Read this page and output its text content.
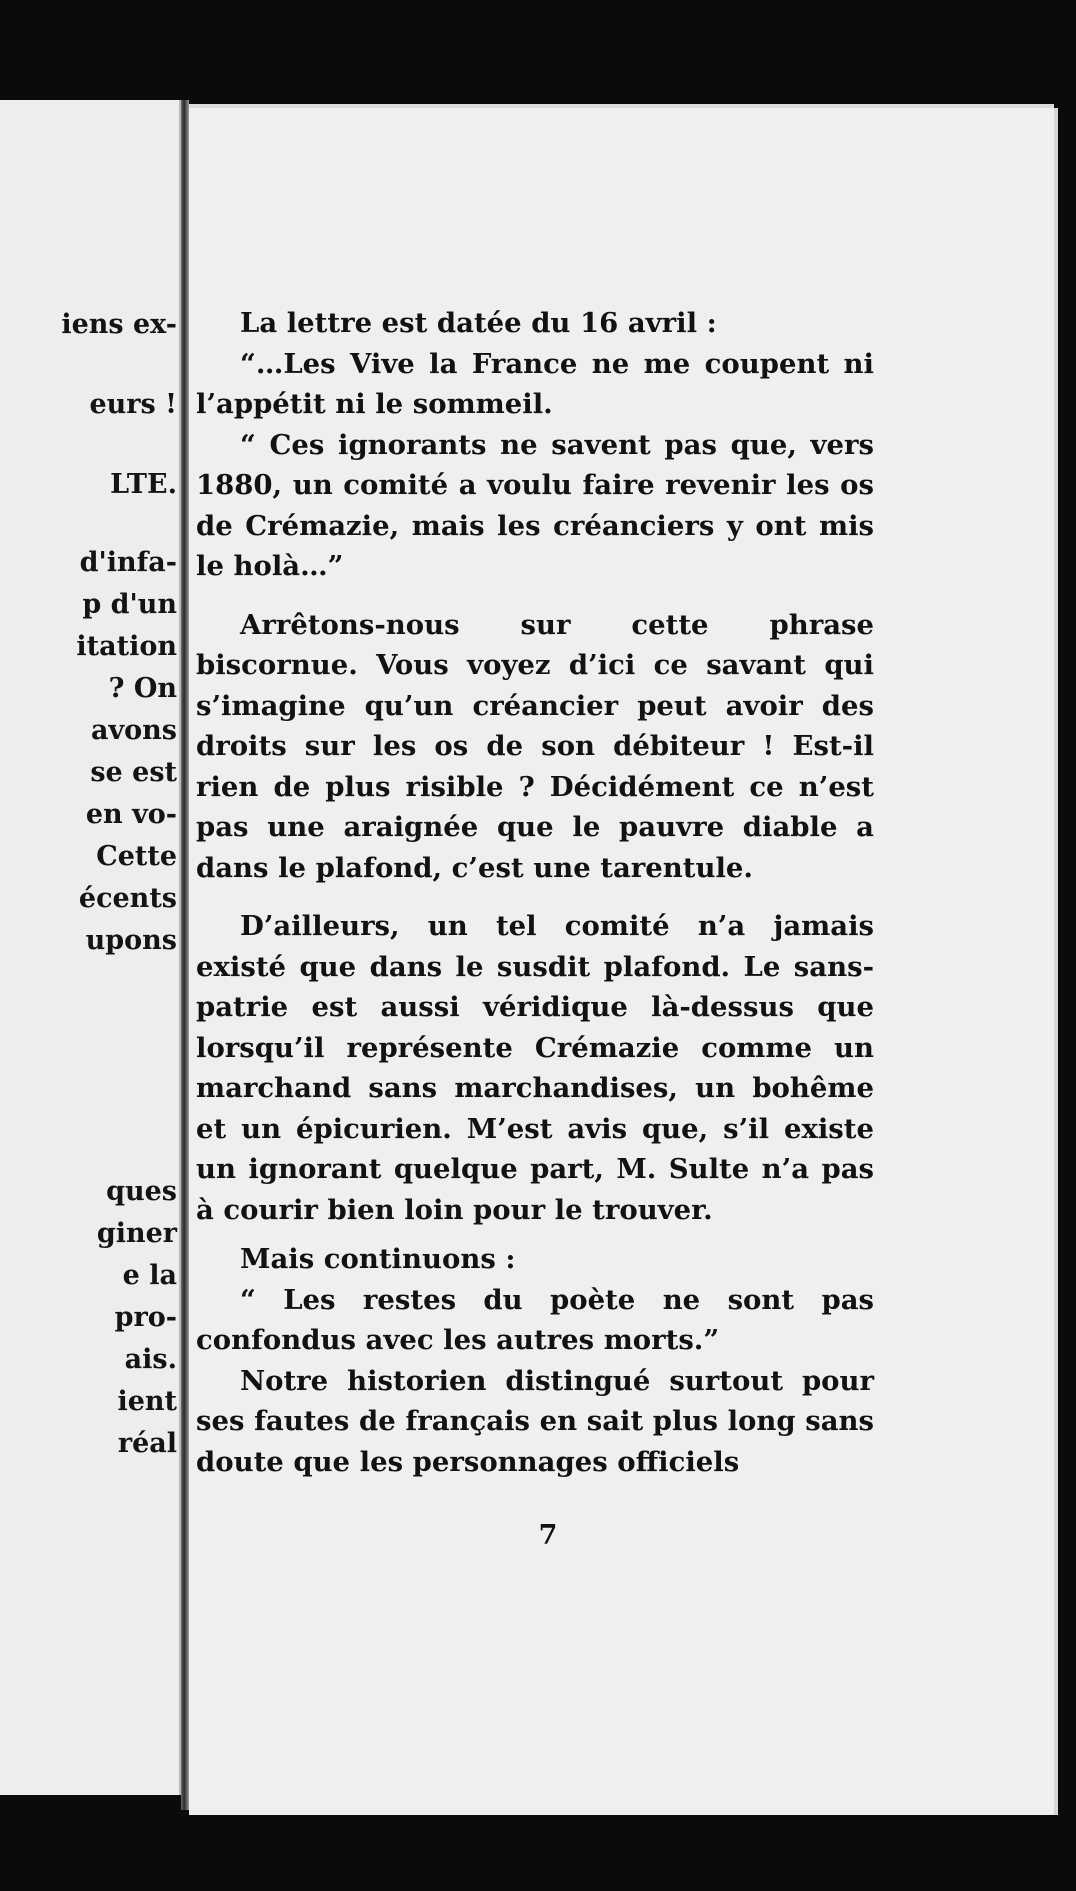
iens ex-
eurs !
LTE.
d'infa-
p d'un
itation
? On
avons
se est
en vo-
Cette
écents
upons
ques
giner
e la
pro-
ais.
ient
réal

La lettre est datée du 16 avril :

“…Les Vive la France ne me coupent ni l’appétit ni le sommeil.

“ Ces ignorants ne savent pas que, vers 1880, un comité a voulu faire revenir les os de Crémazie, mais les créanciers y ont mis le holà…”

Arrêtons-nous sur cette phrase biscornue. Vous voyez d’ici ce savant qui s’imagine qu’un créancier peut avoir des droits sur les os de son débiteur ! Est-il rien de plus risible ? Décidément ce n’est pas une araignée que le pauvre diable a dans le plafond, c’est une tarentule.

D’ailleurs, un tel comité n’a jamais existé que dans le susdit plafond. Le sans-patrie est aussi véridique là-dessus que lorsqu’il représente Crémazie comme un marchand sans marchandises, un bohême et un épicurien. M’est avis que, s’il existe un ignorant quelque part, M. Sulte n’a pas à courir bien loin pour le trouver.

Mais continuons :

“ Les restes du poète ne sont pas confondus avec les autres morts.”

Notre historien distingué surtout pour ses fautes de français en sait plus long sans doute que les personnages officiels

7
